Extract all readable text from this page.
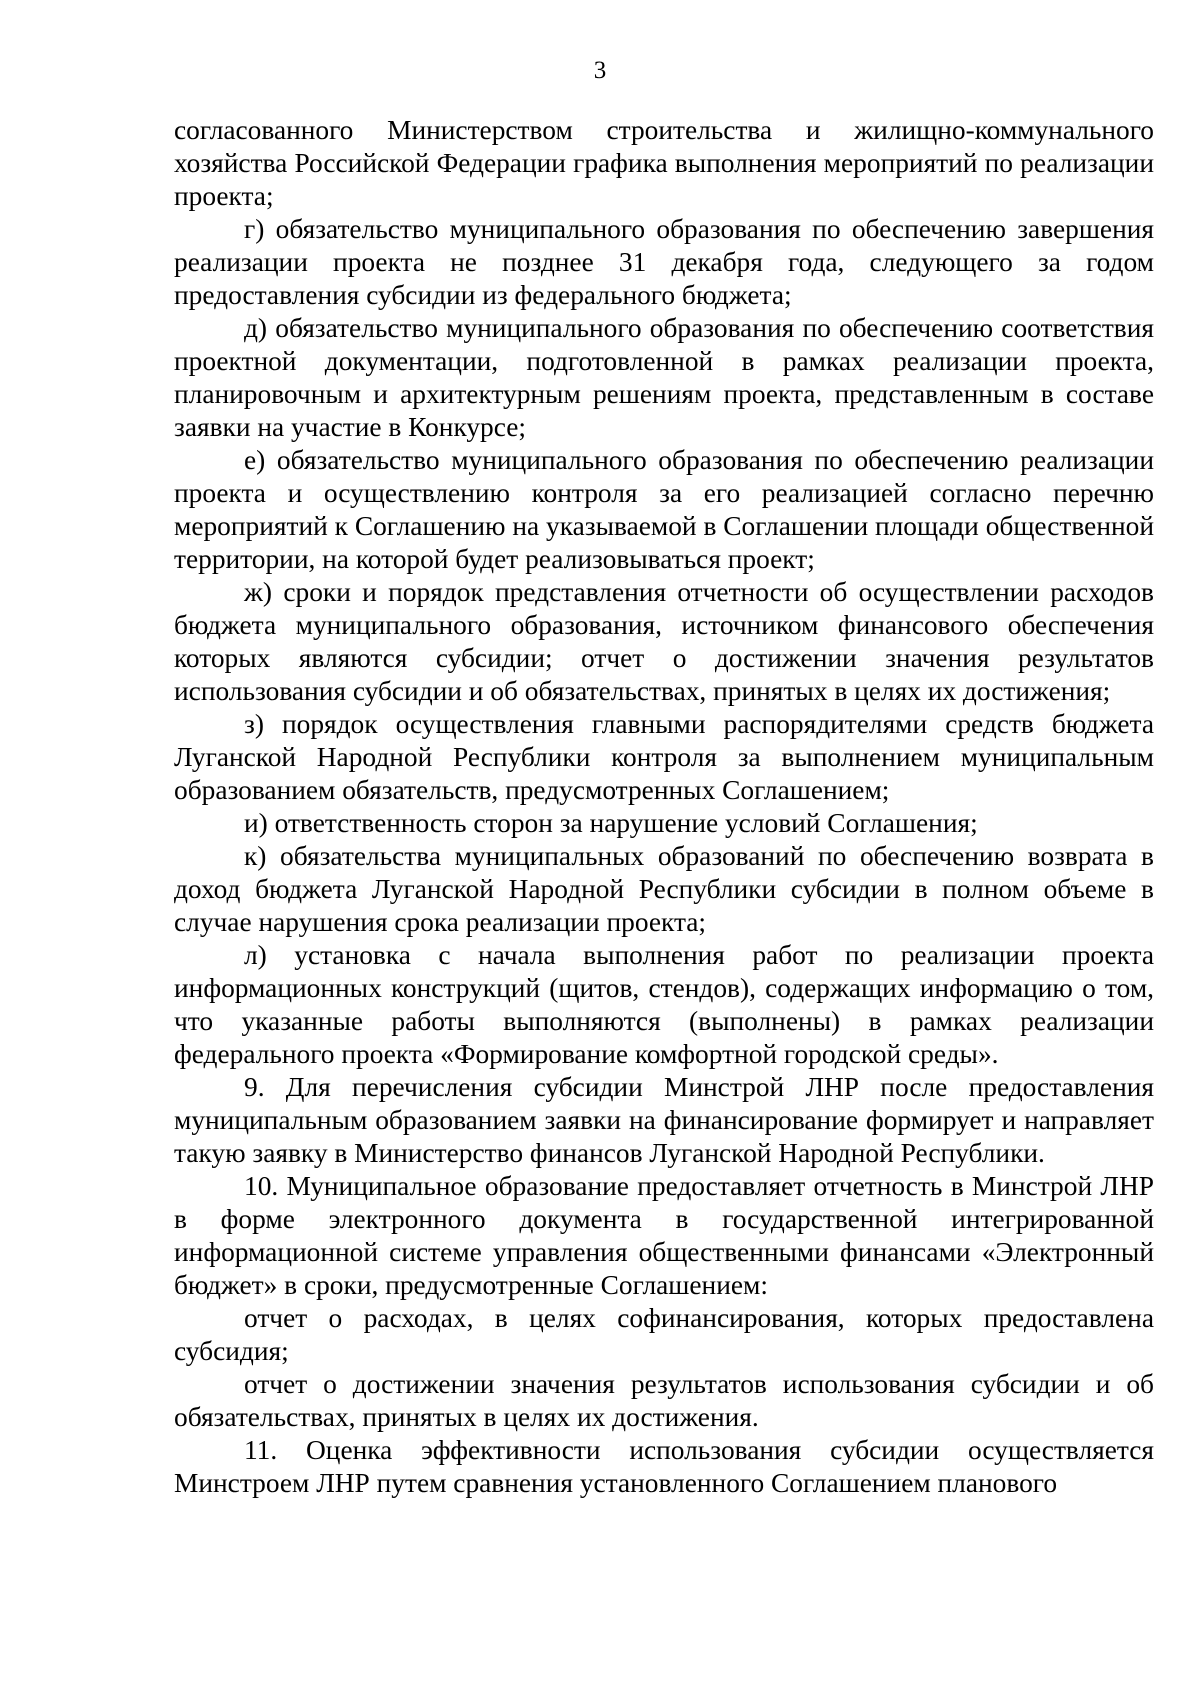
3

согласованного Министерством строительства и жилищно-коммунального хозяйства Российской Федерации графика выполнения мероприятий по реализации проекта;

г) обязательство муниципального образования по обеспечению завершения реализации проекта не позднее 31 декабря года, следующего за годом предоставления субсидии из федерального бюджета;

д) обязательство муниципального образования по обеспечению соответствия проектной документации, подготовленной в рамках реализации проекта, планировочным и архитектурным решениям проекта, представленным в составе заявки на участие в Конкурсе;

е) обязательство муниципального образования по обеспечению реализации проекта и осуществлению контроля за его реализацией согласно перечню мероприятий к Соглашению на указываемой в Соглашении площади общественной территории, на которой будет реализовываться проект;

ж) сроки и порядок представления отчетности об осуществлении расходов бюджета муниципального образования, источником финансового обеспечения которых являются субсидии; отчет о достижении значения результатов использования субсидии и об обязательствах, принятых в целях их достижения;

з) порядок осуществления главными распорядителями средств бюджета Луганской Народной Республики контроля за выполнением муниципальным образованием обязательств, предусмотренных Соглашением;

и) ответственность сторон за нарушение условий Соглашения;

к) обязательства муниципальных образований по обеспечению возврата в доход бюджета Луганской Народной Республики субсидии в полном объеме в случае нарушения срока реализации проекта;

л) установка с начала выполнения работ по реализации проекта информационных конструкций (щитов, стендов), содержащих информацию о том, что указанные работы выполняются (выполнены) в рамках реализации федерального проекта «Формирование комфортной городской среды».

9. Для перечисления субсидии Минстрой ЛНР после предоставления муниципальным образованием заявки на финансирование формирует и направляет такую заявку в Министерство финансов Луганской Народной Республики.

10. Муниципальное образование предоставляет отчетность в Минстрой ЛНР в форме электронного документа в государственной интегрированной информационной системе управления общественными финансами «Электронный бюджет» в сроки, предусмотренные Соглашением:

отчет о расходах, в целях софинансирования, которых предоставлена субсидия;

отчет о достижении значения результатов использования субсидии и об обязательствах, принятых в целях их достижения.

11. Оценка эффективности использования субсидии осуществляется Минстроем ЛНР путем сравнения установленного Соглашением планового
